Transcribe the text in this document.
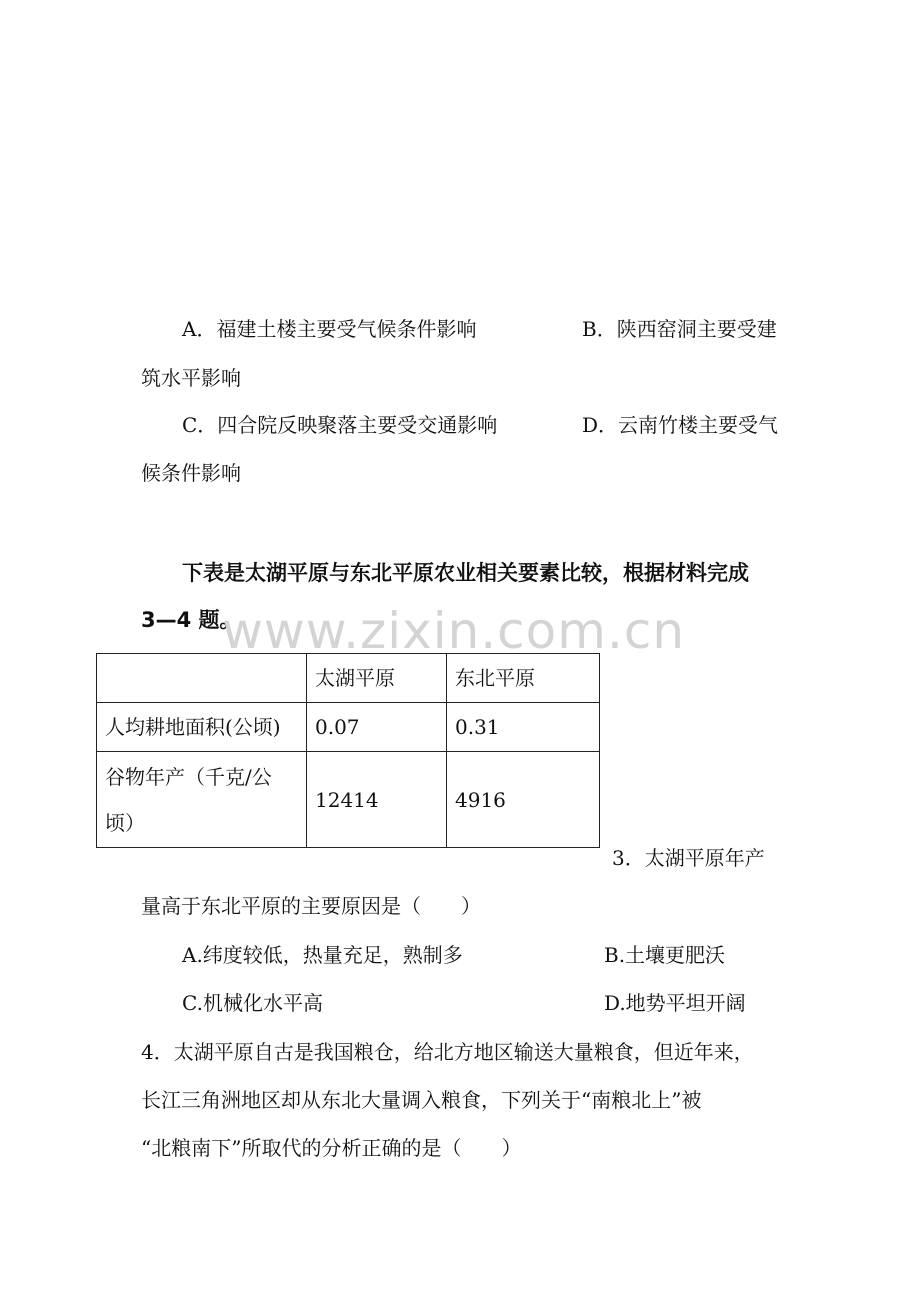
A．福建土楼主要受气候条件影响	B．陕西窑洞主要受建
筑水平影响
C．四合院反映聚落主要受交通影响	D．云南竹楼主要受气
候条件影响
下表是太湖平原与东北平原农业相关要素比较，根据材料完成
3—4 题。
www.zixin.com.cn
	太湖平原	东北平原
人均耕地面积(公顷)	0.07	0.31

谷物年产（千克/公
顷）	12414	4916
3．太湖平原年产
量高于东北平原的主要原因是（　　）
A.纬度较低，热量充足，熟制多	B.土壤更肥沃
C.机械化水平高	D.地势平坦开阔
4．太湖平原自古是我国粮仓，给北方地区输送大量粮食，但近年来，
长江三角洲地区却从东北大量调入粮食，下列关于“南粮北上”被
“北粮南下”所取代的分析正确的是（　　）
